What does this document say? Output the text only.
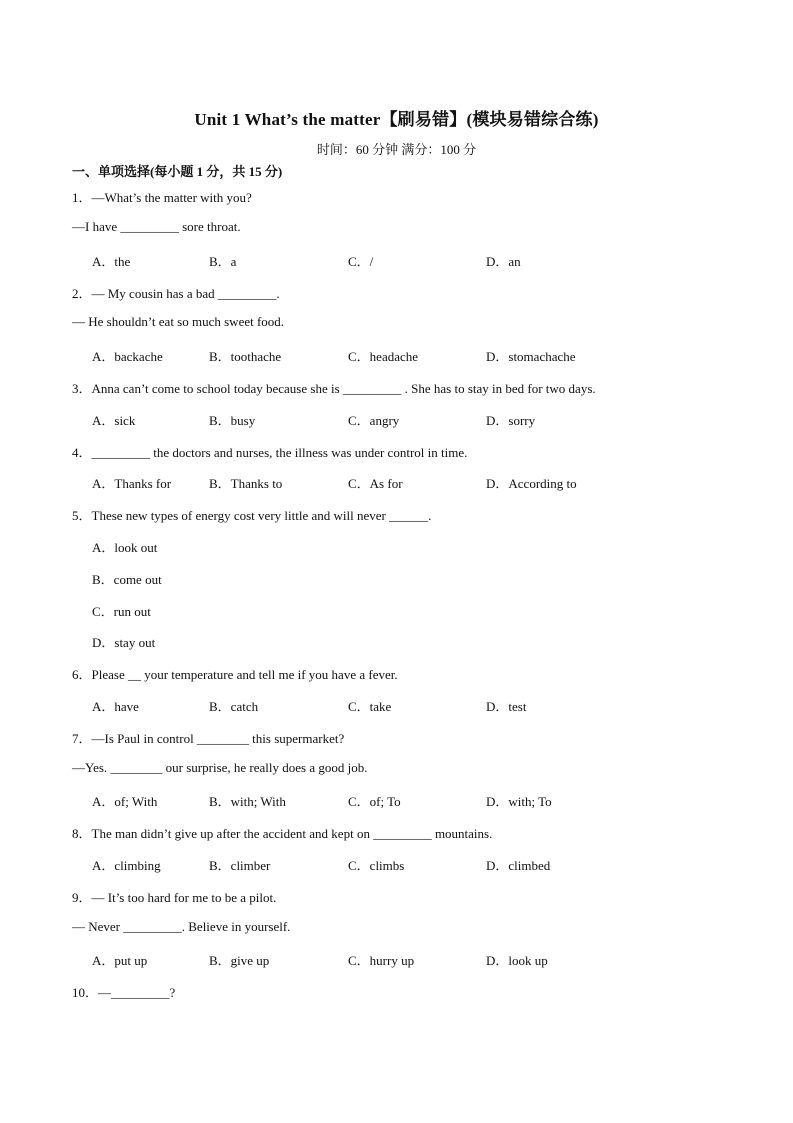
Unit 1 What’s the matter【刷易错】(模块易错综合练)
时间：60 分钟 满分：100 分
一、单项选择(每小题 1 分，共 15 分)
1．—What’s the matter with you?
—I have _________ sore throat.
A．the	B．a	C．/	D．an
2．— My cousin has a bad _________.
— He shouldn’t eat so much sweet food.
A．backache	B．toothache	C．headache	D．stomachache
3．Anna can’t come to school today because she is _________ . She has to stay in bed for two days.
A．sick	B．busy	C．angry	D．sorry
4．_________ the doctors and nurses, the illness was under control in time.
A．Thanks for	B．Thanks to	C．As for	D．According to
5．These new types of energy cost very little and will never ______.
A．look out
B．come out
C．run out
D．stay out
6．Please __ your temperature and tell me if you have a fever.
A．have	B．catch	C．take	D．test
7．—Is Paul in control ________ this supermarket?
—Yes. ________ our surprise, he really does a good job.
A．of; With	B．with; With	C．of; To	D．with; To
8．The man didn’t give up after the accident and kept on _________ mountains.
A．climbing	B．climber	C．climbs	D．climbed
9．— It’s too hard for me to be a pilot.
— Never _________. Believe in yourself.
A．put up	B．give up	C．hurry up	D．look up
10．—_________?
